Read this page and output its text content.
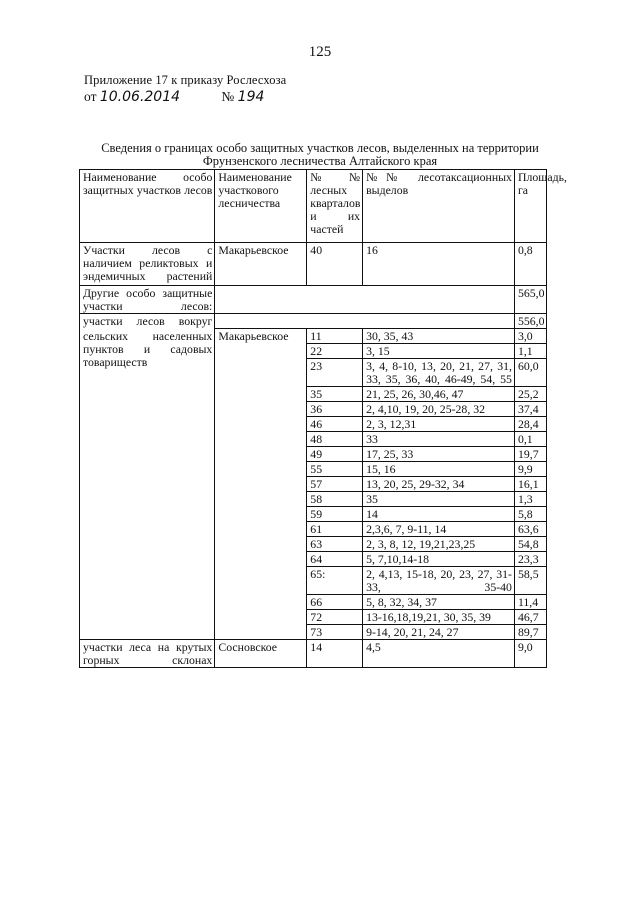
125
Приложение 17 к приказу Рослесхоза
от 10.06.2014	№ 194
Сведения о границах особо защитных участков лесов, выделенных на территории
Фрунзенского лесничества Алтайского края
Наименование особо защитных участков лесов	Наименование участкового лесничества	№№ лесных кварталов и их частей	№№ лесотаксационных выделов	Площадь, га
Участки лесов с наличием реликтовых и эндемичных растений	Макарьевское	40	16	0,8
Другие особо защитные участки лесов:				565,0
участки лесов вокруг				556,0
сельских населенных пунктов и садовых товариществ	Макарьевское	11	30, 35, 43	3,0
		22	3, 15	1,1
		23	3, 4, 8-10, 13, 20, 21, 27, 31, 33, 35, 36, 40, 46-49, 54, 55	60,0
		35	21, 25, 26, 30,46, 47	25,2
		36	2, 4,10, 19, 20, 25-28, 32	37,4
		46	2, 3, 12,31	28,4
		48	33	0,1
		49	17, 25, 33	19,7
		55	15, 16	9,9
		57	13, 20, 25, 29-32, 34	16,1
		58	35	1,3
		59	14	5,8
		61	2,3,6, 7, 9-11, 14	63,6
		63	2, 3, 8, 12, 19,21,23,25	54,8
		64	5, 7,10,14-18	23,3
		65:	2, 4,13, 15-18, 20, 23, 27, 31-33, 35-40	58,5
		66	5, 8, 32, 34, 37	11,4
		72	13-16,18,19,21, 30, 35, 39	46,7
		73	9-14, 20, 21, 24, 27	89,7
участки леса на крутых горных склонах	Сосновское	14	4,5	9,0
